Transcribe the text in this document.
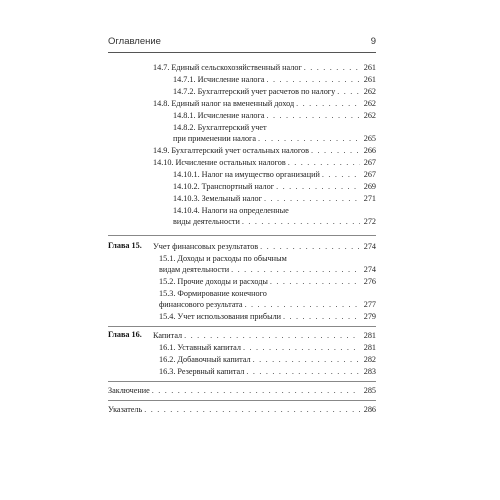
Оглавление	9
14.7. Единый сельскохозяйственный налог . . .	261
14.7.1. Исчисление налога . . .	261
14.7.2. Бухгалтерский учет расчетов по налогу . . .	262
14.8. Единый налог на вмененный доход . . .	262
14.8.1. Исчисление налога . . .	262
14.8.2. Бухгалтерский учет
при применении налога . . .	265
14.9. Бухгалтерский учет остальных налогов . . .	266
14.10. Исчисление остальных налогов . . .	267
14.10.1. Налог на имущество организаций . . .	267
14.10.2. Транспортный налог . . .	269
14.10.3. Земельный налог . . .	271
14.10.4. Налоги на определенные
виды деятельности . . .	272
Глава 15. Учет финансовых результатов . . .	274
15.1. Доходы и расходы по обычным
видам деятельности . . .	274
15.2. Прочие доходы и расходы . . .	276
15.3. Формирование конечного
финансового результата . . .	277
15.4. Учет использования прибыли . . .	279
Глава 16. Капитал . . .	281
16.1. Уставный капитал . . .	281
16.2. Добавочный капитал . . .	282
16.3. Резервный капитал . . .	283
Заключение . . .	285
Указатель . . .	286
